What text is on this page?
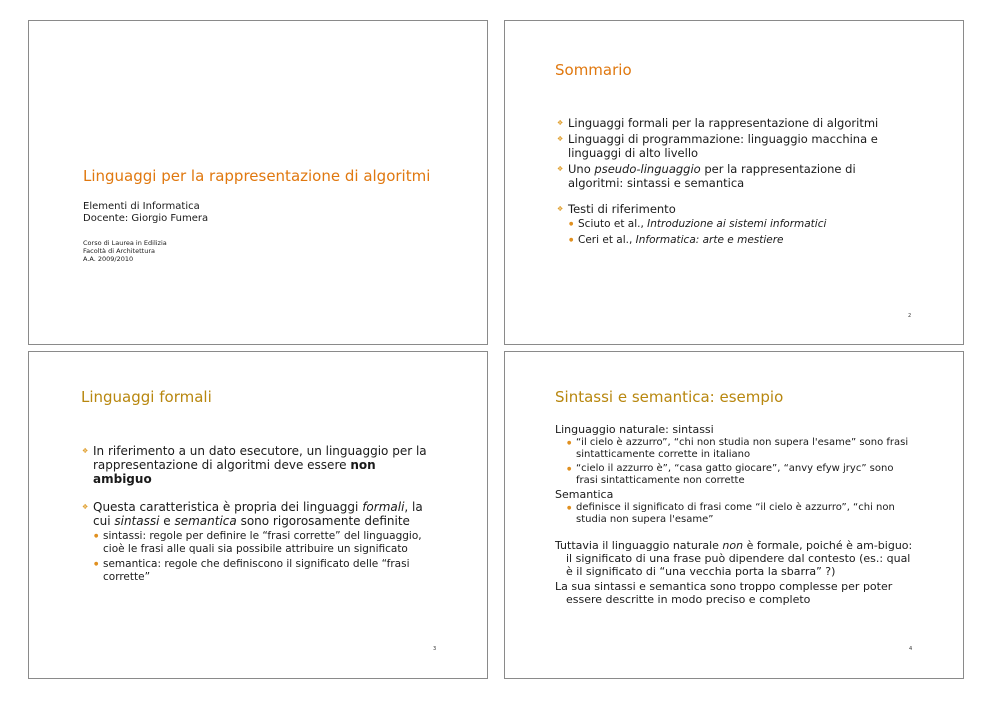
Linguaggi per la rappresentazione di algoritmi
Elementi di Informatica
Docente: Giorgio Fumera
Corso di Laurea in Edilizia
Facoltà di Architettura
A.A. 2009/2010
Sommario
❖ Linguaggi formali per la rappresentazione di algoritmi
❖ Linguaggi di programmazione: linguaggio macchina e linguaggi di alto livello
❖ Uno pseudo-linguaggio per la rappresentazione di algoritmi: sintassi e semantica
❖ Testi di riferimento
● Sciuto et al., Introduzione ai sistemi informatici
● Ceri et al., Informatica: arte e mestiere
2
Linguaggi formali
❖ In riferimento a un dato esecutore, un linguaggio per la rappresentazione di algoritmi deve essere non ambiguo
❖ Questa caratteristica è propria dei linguaggi formali, la cui sintassi e semantica sono rigorosamente definite
● sintassi: regole per definire le “frasi corrette” del linguaggio, cioè le frasi alle quali sia possibile attribuire un significato
● semantica: regole che definiscono il significato delle “frasi corrette”
3
Sintassi e semantica: esempio
Linguaggio naturale: sintassi
● “il cielo è azzurro”, “chi non studia non supera l'esame” sono frasi sintatticamente corrette in italiano
● “cielo il azzurro è”, “casa gatto giocare”, “anvy efyw jryc” sono frasi sintatticamente non corrette
Semantica
● definisce il significato di frasi come “il cielo è azzurro”, “chi non studia non supera l'esame”
Tuttavia il linguaggio naturale non è formale, poiché è am-biguo: il significato di una frase può dipendere dal contesto (es.: qual è il significato di “una vecchia porta la sbarra” ?)
La sua sintassi e semantica sono troppo complesse per poter essere descritte in modo preciso e completo
4
